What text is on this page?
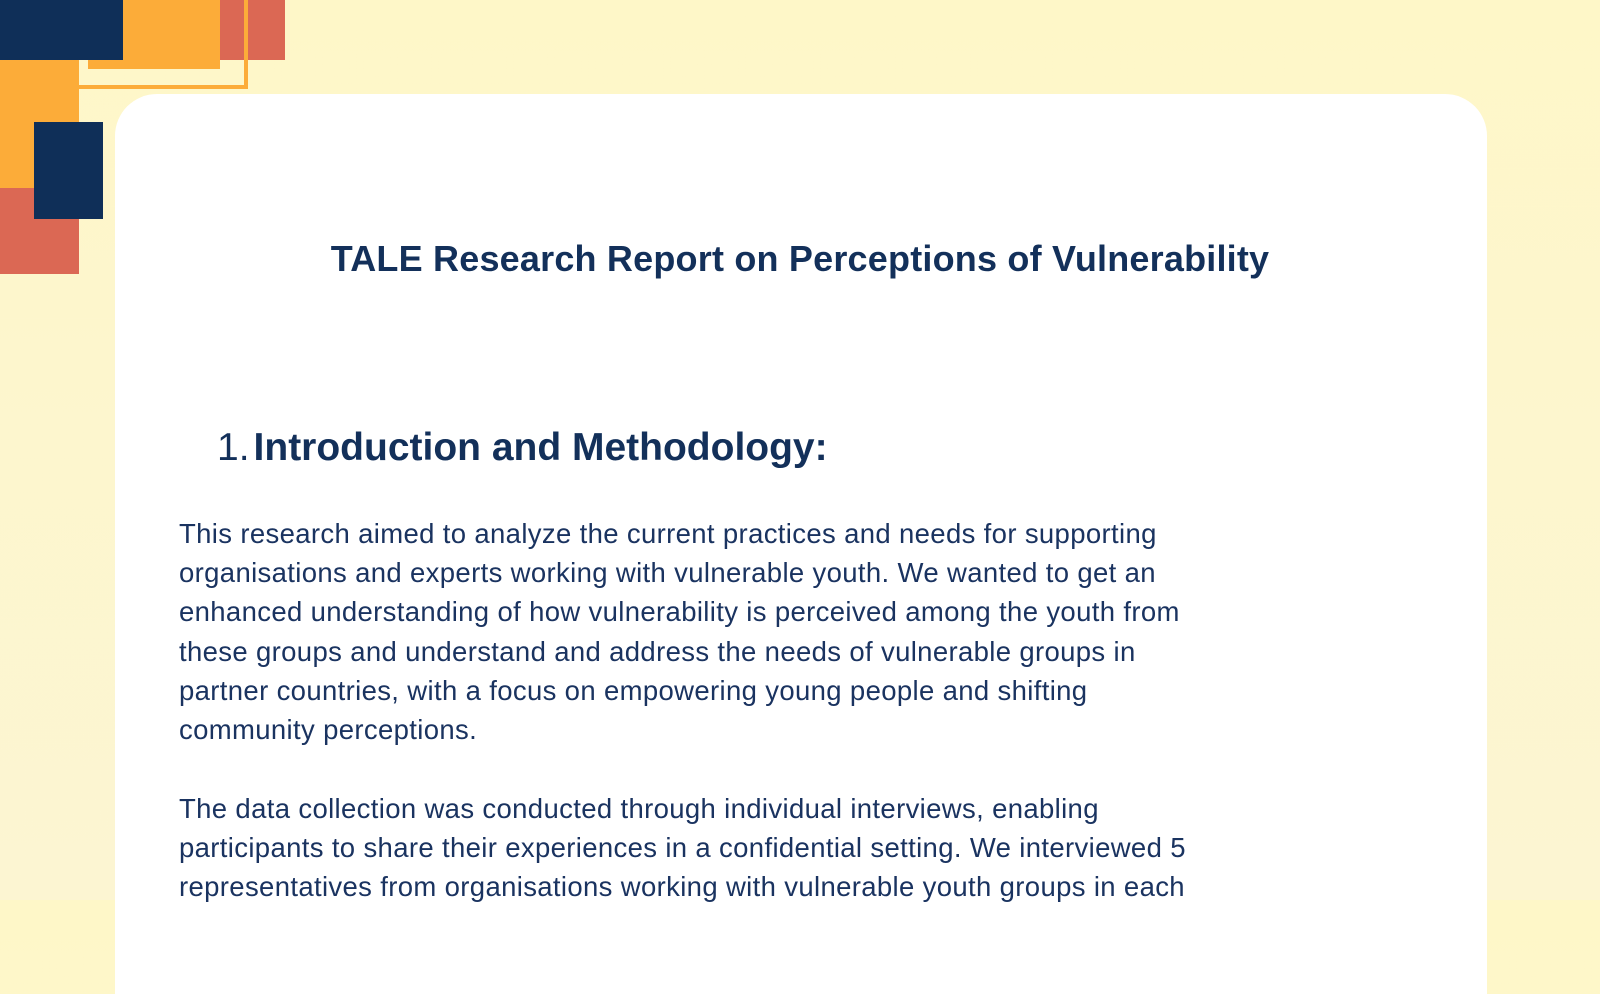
TALE Research Report on Perceptions of Vulnerability
1. Introduction and Methodology:

This research aimed to analyze the current practices and needs for supporting
organisations and experts working with vulnerable youth. We wanted to get an
enhanced understanding of how vulnerability is perceived among the youth from
these groups and understand and address the needs of vulnerable groups in
partner countries, with a focus on empowering young people and shifting
community perceptions.

The data collection was conducted through individual interviews, enabling
participants to share their experiences in a confidential setting. We interviewed 5
representatives from organisations working with vulnerable youth groups in each
